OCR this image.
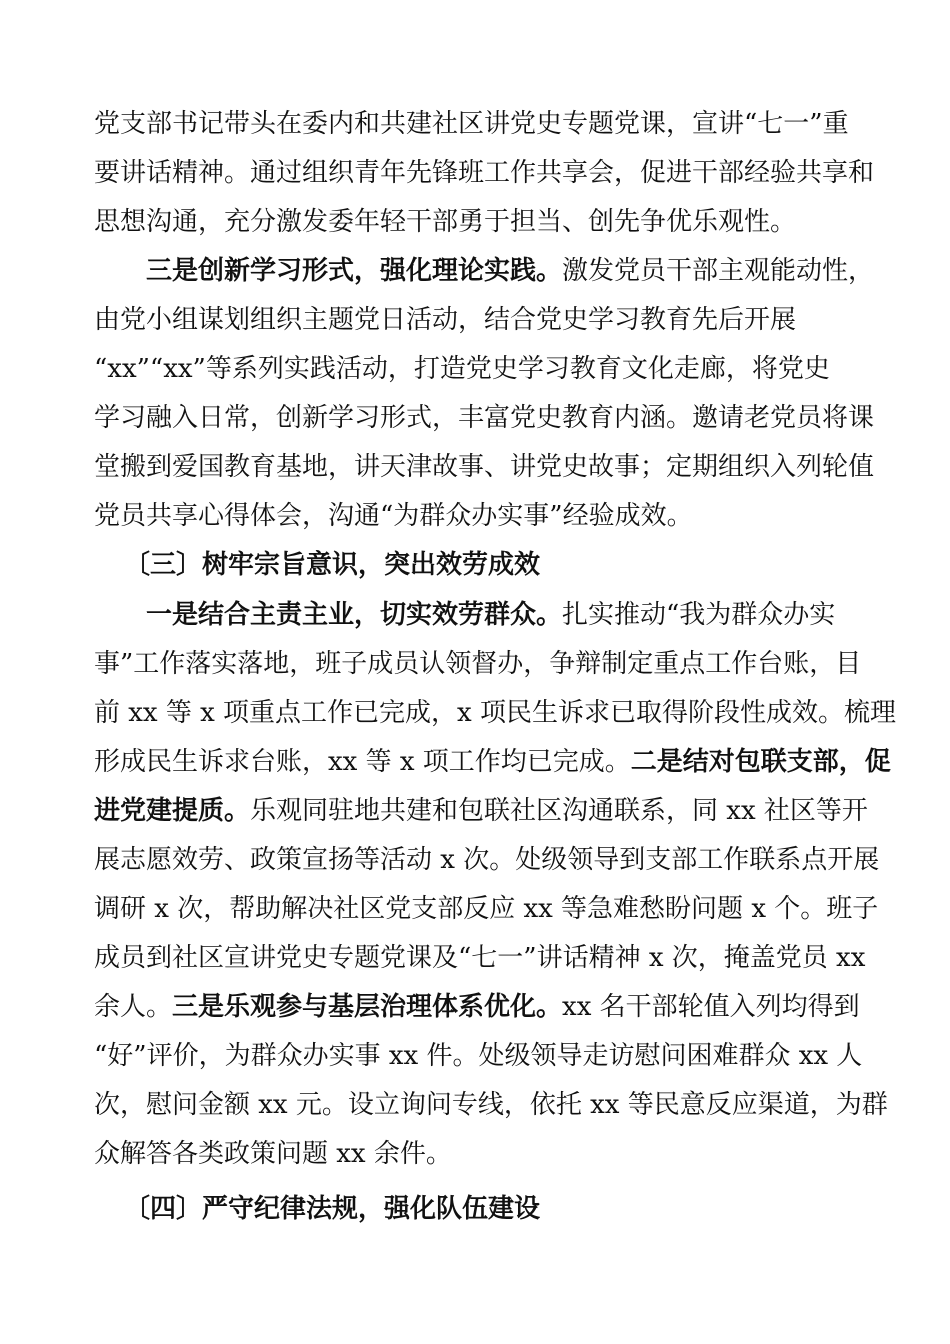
党支部书记带头在委内和共建社区讲党史专题党课，宣讲“七一”重
要讲话精神。通过组织青年先锋班工作共享会，促进干部经验共享和
思想沟通，充分激发委年轻干部勇于担当、创先争优乐观性。
三是创新学习形式，强化理论实践。激发党员干部主观能动性，
由党小组谋划组织主题党日活动，结合党史学习教育先后开展
“xx”“xx”等系列实践活动，打造党史学习教育文化走廊，将党史
学习融入日常，创新学习形式，丰富党史教育内涵。邀请老党员将课
堂搬到爱国教育基地，讲天津故事、讲党史故事；定期组织入列轮值
党员共享心得体会，沟通“为群众办实事”经验成效。
〔三〕树牢宗旨意识，突出效劳成效
一是结合主责主业，切实效劳群众。扎实推动“我为群众办实
事”工作落实落地，班子成员认领督办，争辩制定重点工作台账，目
前 xx 等 x 项重点工作已完成，x 项民生诉求已取得阶段性成效。梳理
形成民生诉求台账，xx 等 x 项工作均已完成。二是结对包联支部，促
进党建提质。乐观同驻地共建和包联社区沟通联系，同 xx 社区等开
展志愿效劳、政策宣扬等活动 x 次。处级领导到支部工作联系点开展
调研 x 次，帮助解决社区党支部反应 xx 等急难愁盼问题 x 个。班子
成员到社区宣讲党史专题党课及“七一”讲话精神 x 次，掩盖党员 xx
余人。三是乐观参与基层治理体系优化。xx 名干部轮值入列均得到
“好”评价，为群众办实事 xx 件。处级领导走访慰问困难群众 xx 人
次，慰问金额 xx 元。设立询问专线，依托 xx 等民意反应渠道，为群
众解答各类政策问题 xx 余件。
〔四〕严守纪律法规，强化队伍建设
